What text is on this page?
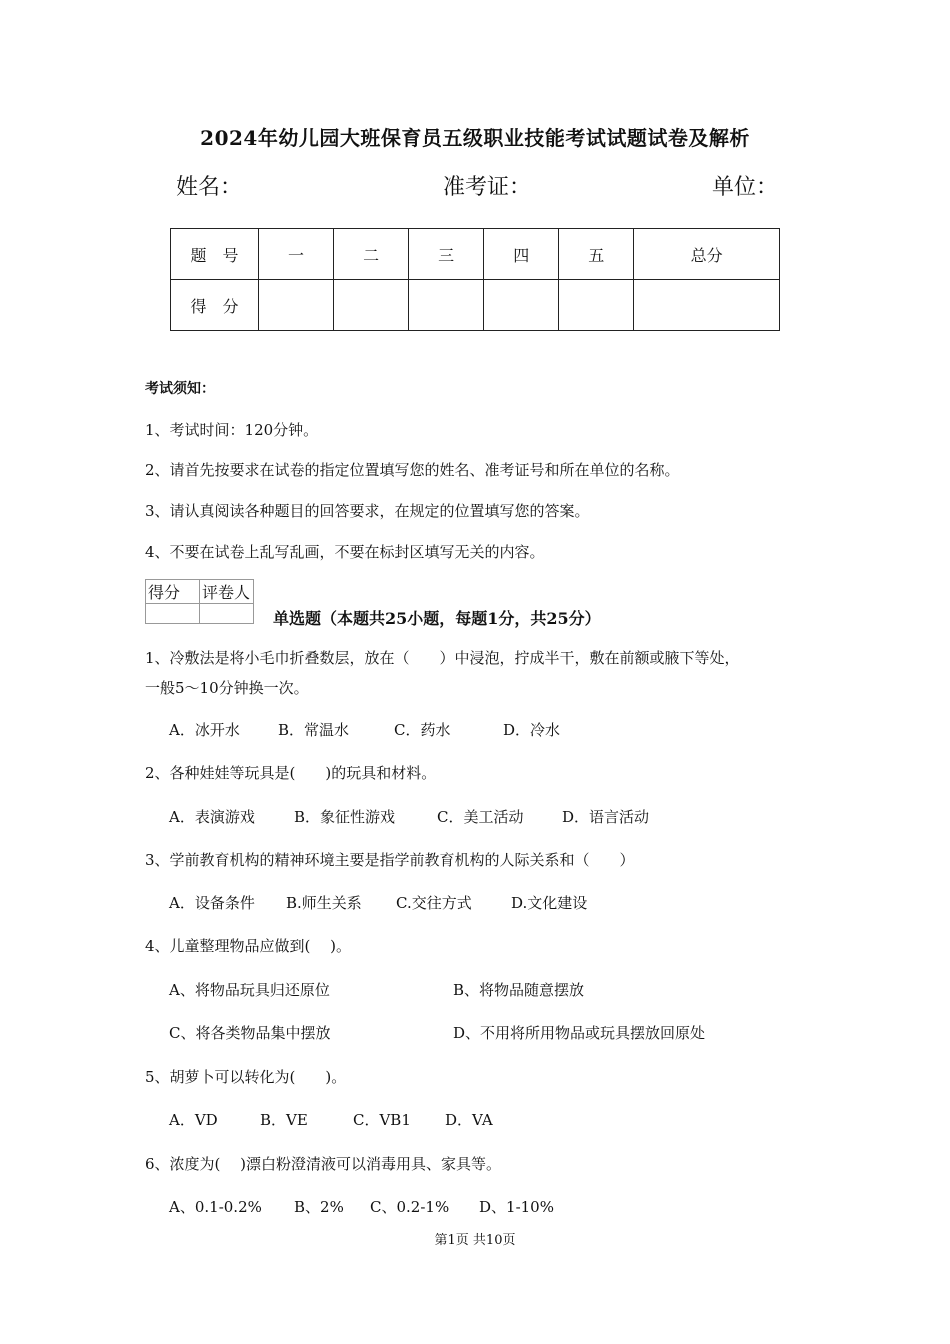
2024年幼儿园大班保育员五级职业技能考试试题试卷及解析
姓名：	准考证：	单位：
题　号	一	二	三	四	五	总分
得　分						
考试须知：
1、考试时间：120分钟。
2、请首先按要求在试卷的指定位置填写您的姓名、准考证号和所在单位的名称。
3、请认真阅读各种题目的回答要求，在规定的位置填写您的答案。
4、不要在试卷上乱写乱画，不要在标封区填写无关的内容。
得分	评卷人

单选题（本题共25小题，每题1分，共25分）
1、冷敷法是将小毛巾折叠数层，放在（　　）中浸泡，拧成半干，敷在前额或腋下等处，
一般5～10分钟换一次。
A．冰开水	B．常温水	C．药水	D．冷水
2、各种娃娃等玩具是(　　)的玩具和材料。
A．表演游戏	B．象征性游戏	C．美工活动	D．语言活动
3、学前教育机构的精神环境主要是指学前教育机构的人际关系和（　　）
A．设备条件 B.师生关系 C.交往方式	D.文化建设
4、儿童整理物品应做到(　 )。
A、将物品玩具归还原位	B、将物品随意摆放
C、将各类物品集中摆放	D、不用将所用物品或玩具摆放回原处
5、胡萝卜可以转化为(　　)。
A．VD	B．VE	C．VB1 D．VA
6、浓度为(　 )漂白粉澄清液可以消毒用具、家具等。
A、0.1-0.2% B、2% C、0.2-1% D、1-10%
第1页 共10页
